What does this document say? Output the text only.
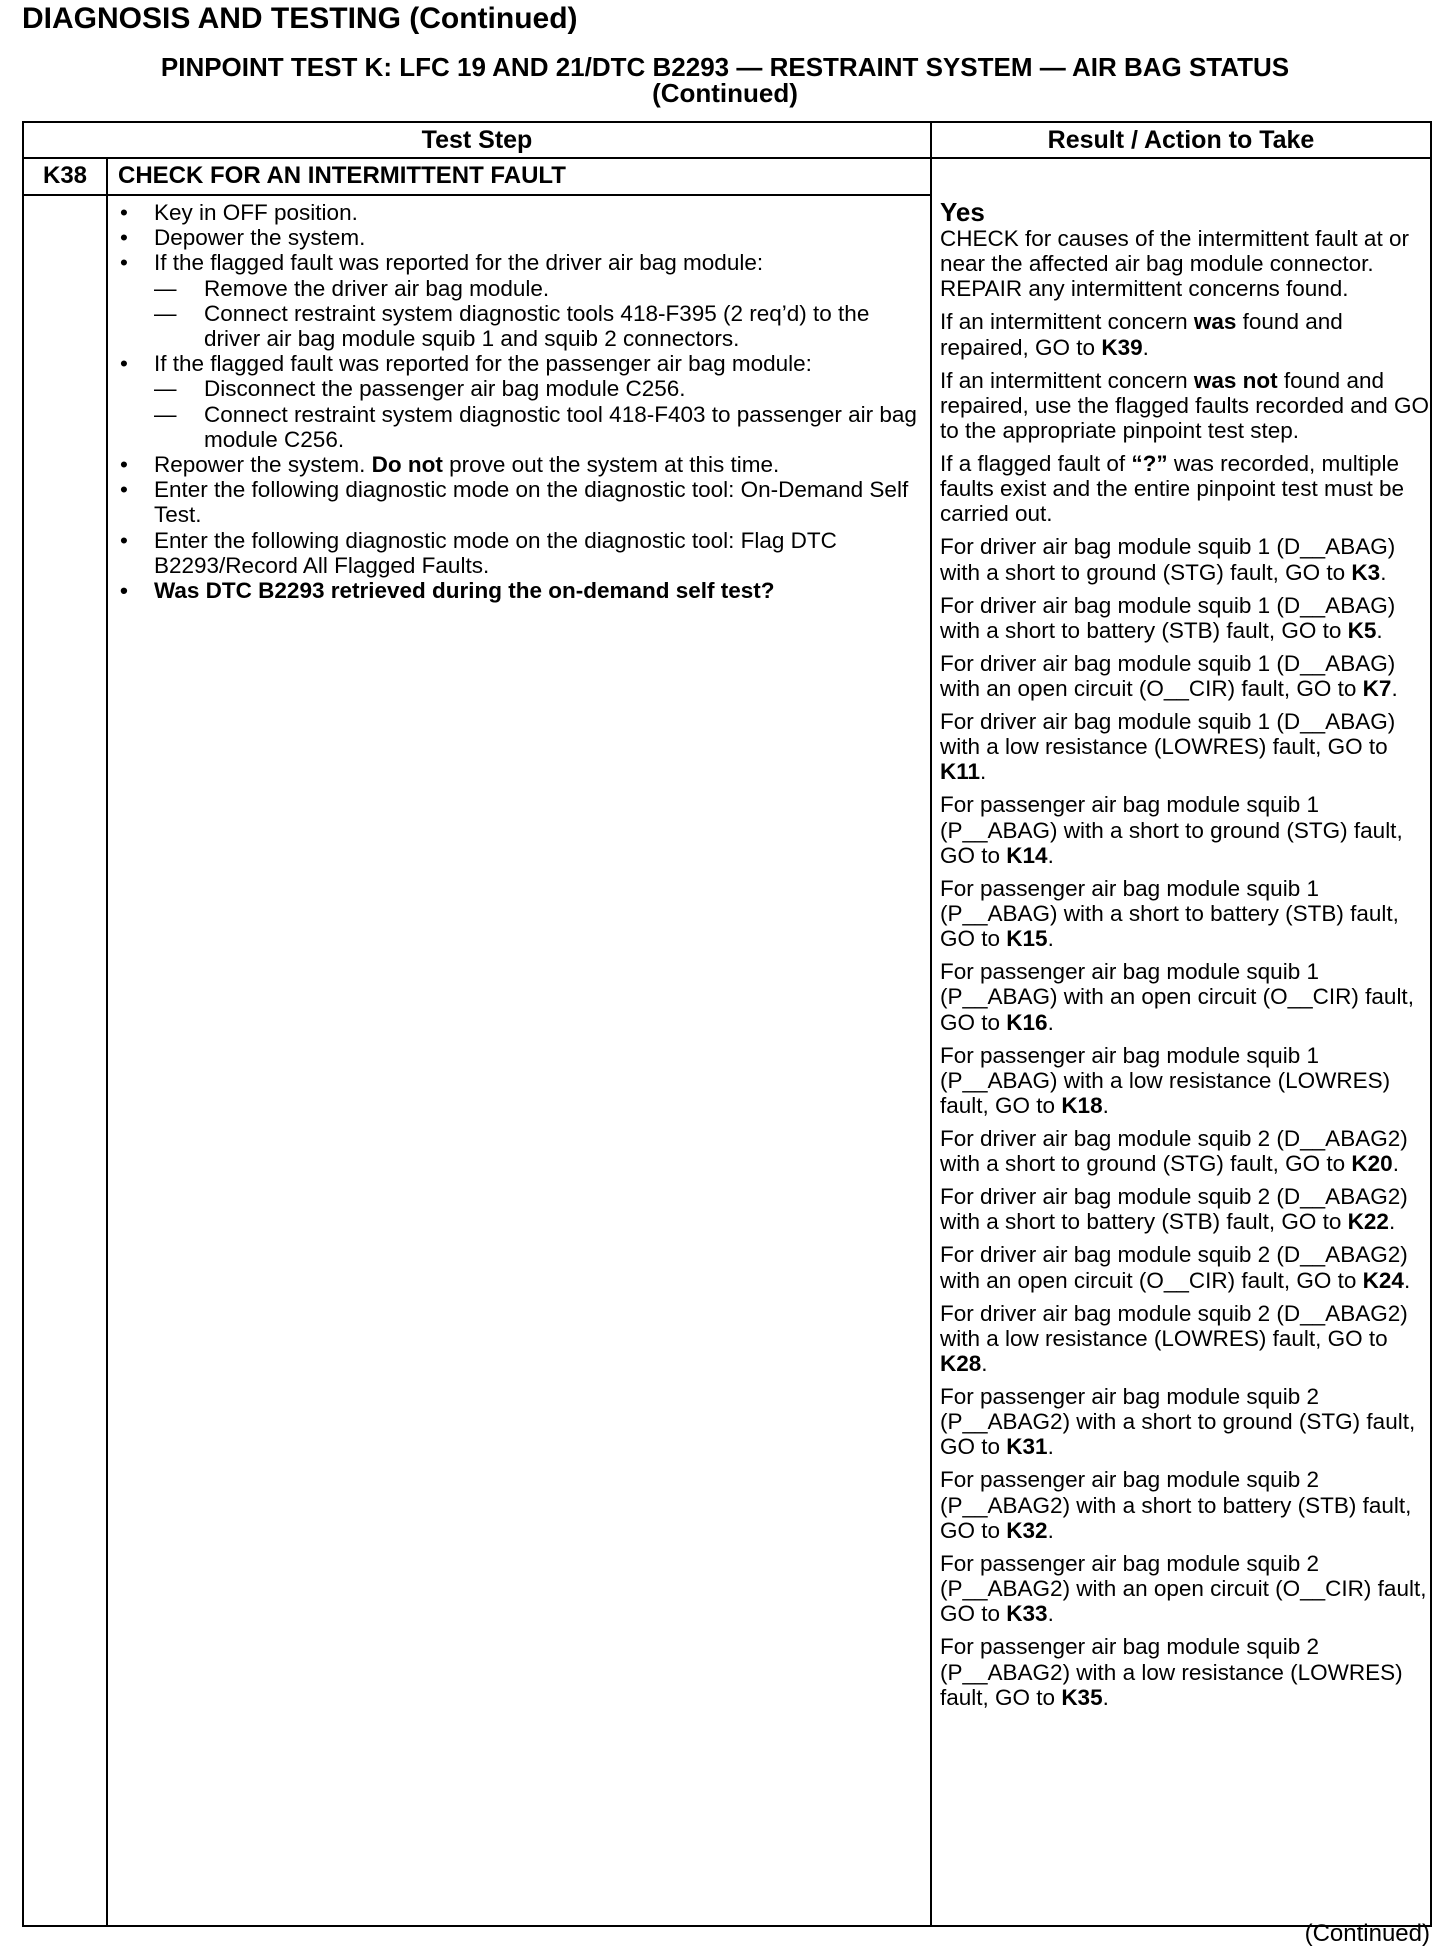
DIAGNOSIS AND TESTING (Continued)
PINPOINT TEST K: LFC 19 AND 21/DTC B2293 — RESTRAINT SYSTEM — AIR BAG STATUS
(Continued)
Test Step	Result / Action to Take
K38	CHECK FOR AN INTERMITTENT FAULT
• Key in OFF position.
• Depower the system.
• If the flagged fault was reported for the driver air bag module:
— Remove the driver air bag module.
— Connect restraint system diagnostic tools 418-F395 (2 req’d) to the driver air bag module squib 1 and squib 2 connectors.
• If the flagged fault was reported for the passenger air bag module:
— Disconnect the passenger air bag module C256.
— Connect restraint system diagnostic tool 418-F403 to passenger air bag module C256.
• Repower the system. Do not prove out the system at this time.
• Enter the following diagnostic mode on the diagnostic tool: On-Demand Self Test.
• Enter the following diagnostic mode on the diagnostic tool: Flag DTC B2293/Record All Flagged Faults.
• Was DTC B2293 retrieved during the on-demand self test?
Yes
CHECK for causes of the intermittent fault at or near the affected air bag module connector. REPAIR any intermittent concerns found.
If an intermittent concern was found and repaired, GO to K39.
If an intermittent concern was not found and repaired, use the flagged faults recorded and GO to the appropriate pinpoint test step.
If a flagged fault of “?” was recorded, multiple faults exist and the entire pinpoint test must be carried out.
For driver air bag module squib 1 (D__ABAG) with a short to ground (STG) fault, GO to K3.
For driver air bag module squib 1 (D__ABAG) with a short to battery (STB) fault, GO to K5.
For driver air bag module squib 1 (D__ABAG) with an open circuit (O__CIR) fault, GO to K7.
For driver air bag module squib 1 (D__ABAG) with a low resistance (LOWRES) fault, GO to K11.
For passenger air bag module squib 1 (P__ABAG) with a short to ground (STG) fault, GO to K14.
For passenger air bag module squib 1 (P__ABAG) with a short to battery (STB) fault, GO to K15.
For passenger air bag module squib 1 (P__ABAG) with an open circuit (O__CIR) fault, GO to K16.
For passenger air bag module squib 1 (P__ABAG) with a low resistance (LOWRES) fault, GO to K18.
For driver air bag module squib 2 (D__ABAG2) with a short to ground (STG) fault, GO to K20.
For driver air bag module squib 2 (D__ABAG2) with a short to battery (STB) fault, GO to K22.
For driver air bag module squib 2 (D__ABAG2) with an open circuit (O__CIR) fault, GO to K24.
For driver air bag module squib 2 (D__ABAG2) with a low resistance (LOWRES) fault, GO to K28.
For passenger air bag module squib 2 (P__ABAG2) with a short to ground (STG) fault, GO to K31.
For passenger air bag module squib 2 (P__ABAG2) with a short to battery (STB) fault, GO to K32.
For passenger air bag module squib 2 (P__ABAG2) with an open circuit (O__CIR) fault, GO to K33.
For passenger air bag module squib 2 (P__ABAG2) with a low resistance (LOWRES) fault, GO to K35.
(Continued)
